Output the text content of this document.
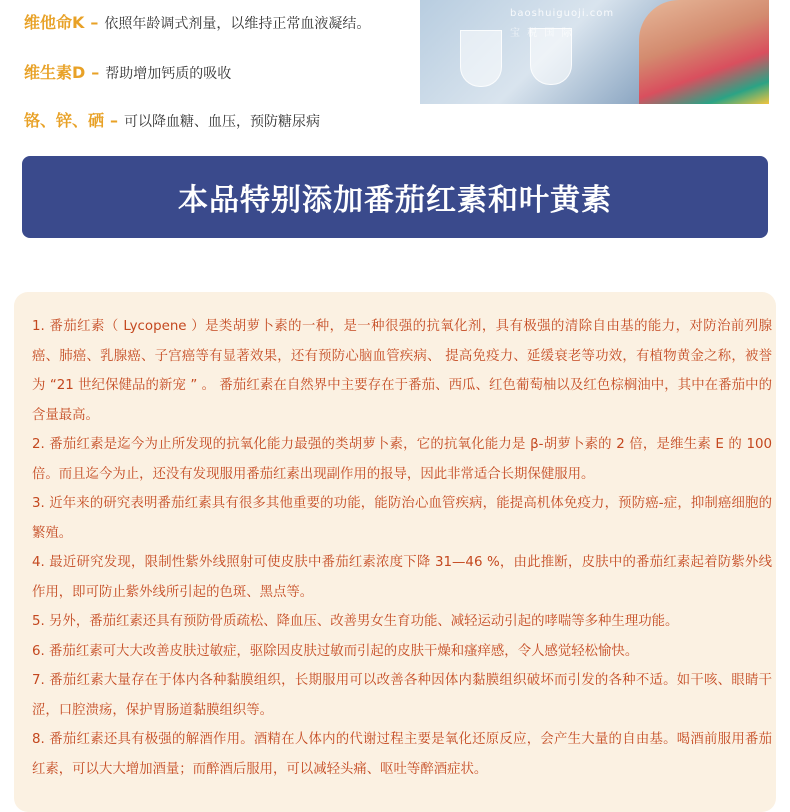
维他命K – 依照年龄调式剂量，以维持正常血液凝结。
维生素D – 帮助增加钙质的吸收
铬、锌、硒 – 可以降血糖、血压，预防糖尿病
baoshuiguoji.com
宝 税 国 际
本品特别添加番茄红素和叶黄素

1. 番茄红素（ Lycopene ）是类胡萝卜素的一种，是一种很强的抗氧化剂，具有极强的清除自由基的能力，对防治前列腺癌、肺癌、乳腺癌、子宫癌等有显著效果，还有预防心脑血管疾病、 提高免疫力、延缓衰老等功效，有植物黄金之称，被誉为 “21 世纪保健品的新宠 ” 。 番茄红素在自然界中主要存在于番茄、西瓜、红色葡萄柚以及红色棕榈油中，其中在番茄中的含量最高。

2. 番茄红素是迄今为止所发现的抗氧化能力最强的类胡萝卜素，它的抗氧化能力是 β-胡萝卜素的 2 倍，是维生素 E 的 100 倍。而且迄今为止，还没有发现服用番茄红素出现副作用的报导，因此非常适合长期保健服用。

3. 近年来的研究表明番茄红素具有很多其他重要的功能，能防治心血管疾病，能提高机体免疫力，预防癌-症，抑制癌细胞的繁殖。

4. 最近研究发现，限制性紫外线照射可使皮肤中番茄红素浓度下降 31—46 %，由此推断，皮肤中的番茄红素起着防紫外线作用，即可防止紫外线所引起的色斑、黑点等。

5. 另外，番茄红素还具有预防骨质疏松、降血压、改善男女生育功能、减轻运动引起的哮喘等多种生理功能。

6. 番茄红素可大大改善皮肤过敏症，驱除因皮肤过敏而引起的皮肤干燥和瘙痒感，令人感觉轻松愉快。

7. 番茄红素大量存在于体内各种黏膜组织，长期服用可以改善各种因体内黏膜组织破坏而引发的各种不适。如干咳、眼睛干涩，口腔溃疡，保护胃肠道黏膜组织等。

8. 番茄红素还具有极强的解酒作用。酒精在人体内的代谢过程主要是氧化还原反应，会产生大量的自由基。喝酒前服用番茄红素，可以大大增加酒量；而醉酒后服用，可以减轻头痛、呕吐等醉酒症状。
